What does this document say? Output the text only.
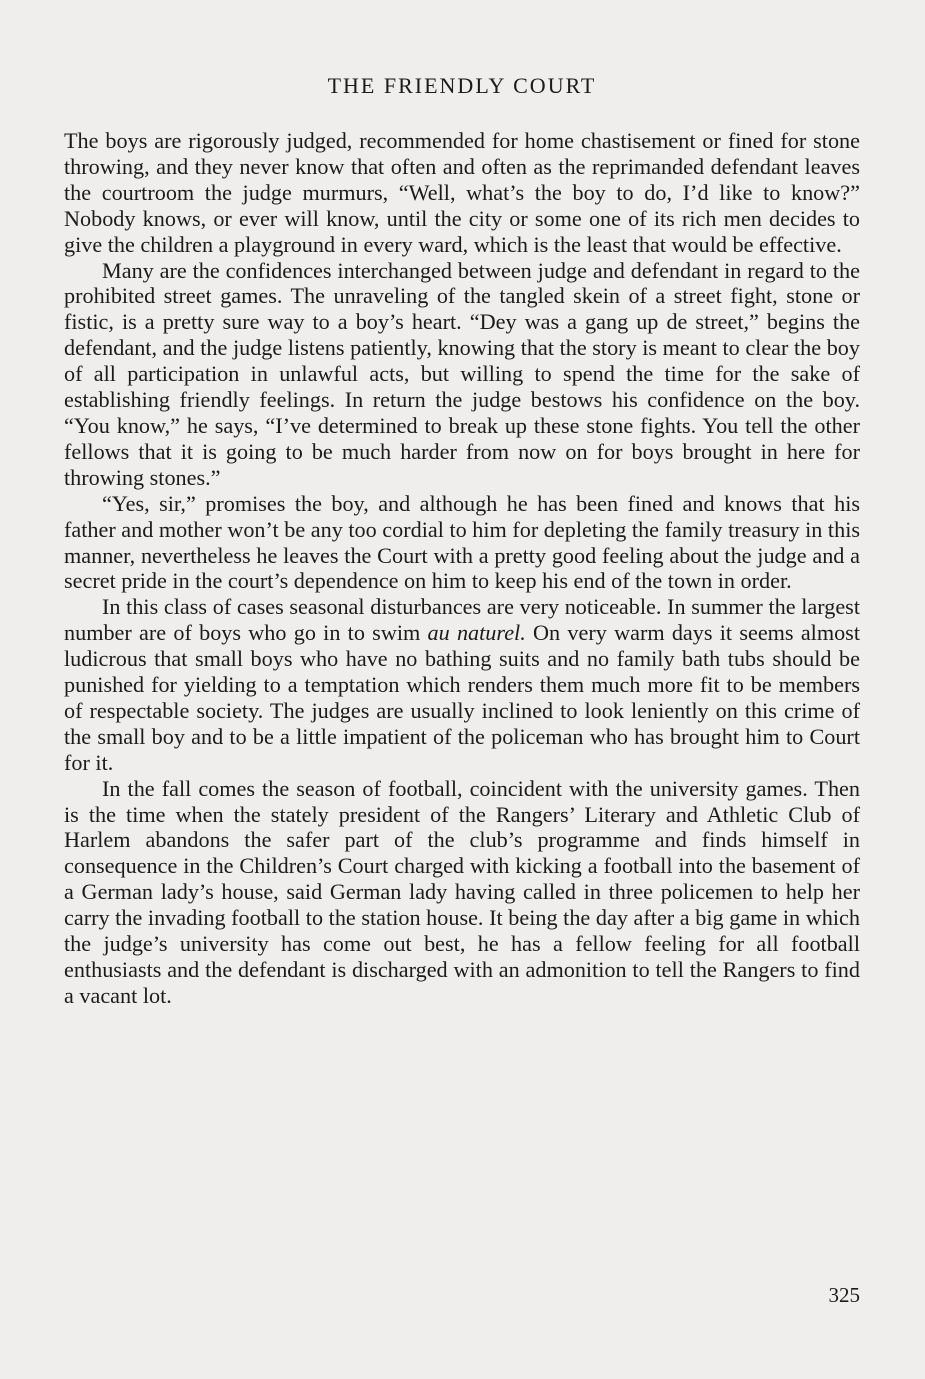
THE FRIENDLY COURT

The boys are rigorously judged, recommended for home chastisement or fined for stone throwing, and they never know that often and often as the reprimanded defendant leaves the courtroom the judge murmurs, “Well, what’s the boy to do, I’d like to know?” Nobody knows, or ever will know, until the city or some one of its rich men decides to give the children a playground in every ward, which is the least that would be effective.

Many are the confidences interchanged between judge and defendant in regard to the prohibited street games. The unraveling of the tangled skein of a street fight, stone or fistic, is a pretty sure way to a boy’s heart. “Dey was a gang up de street,” begins the defendant, and the judge listens patiently, knowing that the story is meant to clear the boy of all participation in unlawful acts, but willing to spend the time for the sake of establishing friendly feelings. In return the judge bestows his confidence on the boy. “You know,” he says, “I’ve determined to break up these stone fights. You tell the other fellows that it is going to be much harder from now on for boys brought in here for throwing stones.”

“Yes, sir,” promises the boy, and although he has been fined and knows that his father and mother won’t be any too cordial to him for depleting the family treasury in this manner, nevertheless he leaves the Court with a pretty good feeling about the judge and a secret pride in the court’s dependence on him to keep his end of the town in order.

In this class of cases seasonal disturbances are very noticeable. In summer the largest number are of boys who go in to swim au naturel. On very warm days it seems almost ludicrous that small boys who have no bathing suits and no family bath tubs should be punished for yielding to a temptation which renders them much more fit to be members of respectable society. The judges are usually inclined to look leniently on this crime of the small boy and to be a little impatient of the policeman who has brought him to Court for it.

In the fall comes the season of football, coincident with the university games. Then is the time when the stately president of the Rangers’ Literary and Athletic Club of Harlem abandons the safer part of the club’s programme and finds himself in consequence in the Children’s Court charged with kicking a football into the basement of a German lady’s house, said German lady having called in three policemen to help her carry the invading football to the station house. It being the day after a big game in which the judge’s university has come out best, he has a fellow feeling for all football enthusiasts and the defendant is discharged with an admonition to tell the Rangers to find a vacant lot.

325
